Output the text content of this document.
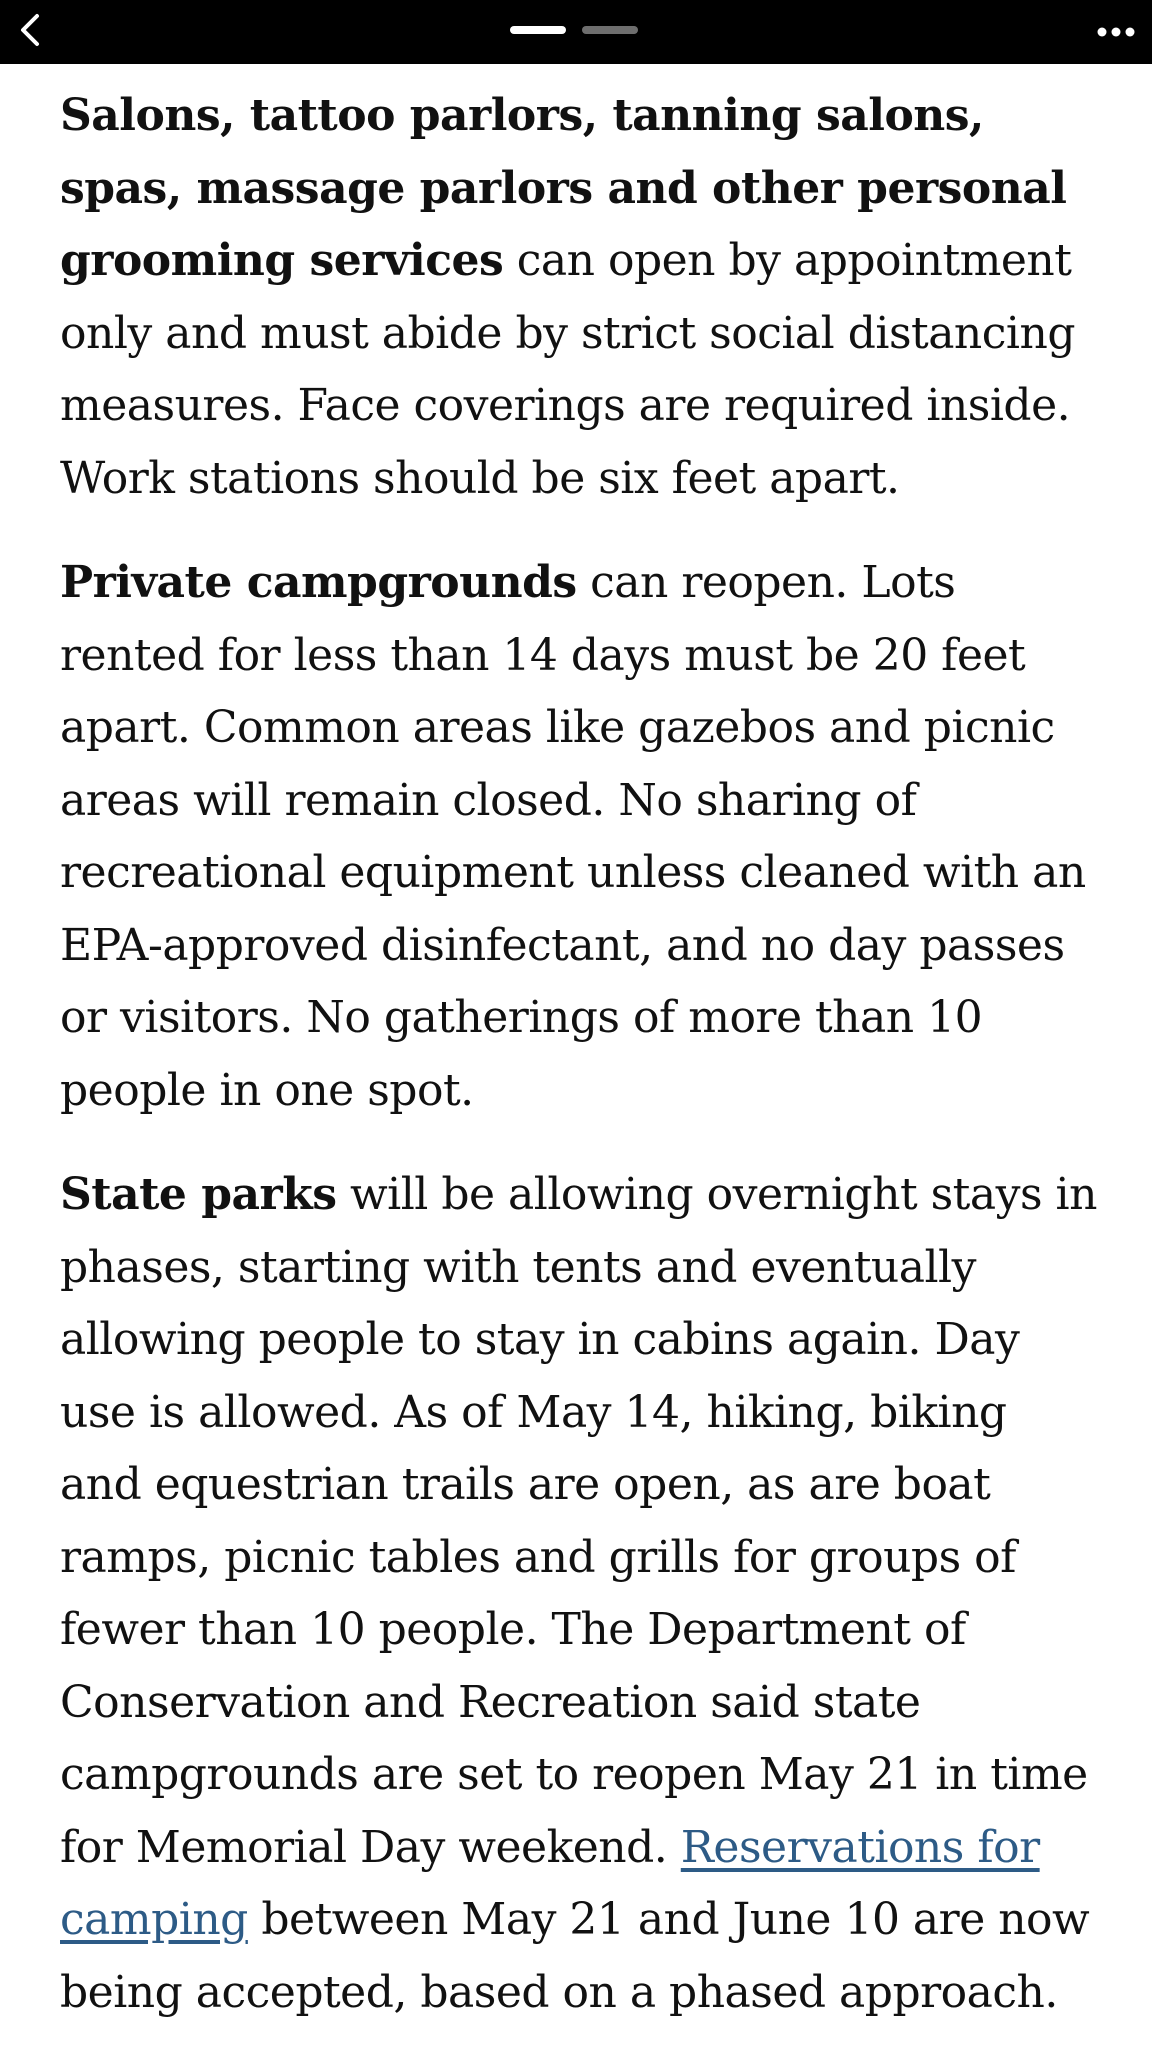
Salons, tattoo parlors, tanning salons, spas, massage parlors and other personal grooming services can open by appointment only and must abide by strict social distancing measures. Face coverings are required inside. Work stations should be six feet apart.

Private campgrounds can reopen. Lots rented for less than 14 days must be 20 feet apart. Common areas like gazebos and picnic areas will remain closed. No sharing of recreational equipment unless cleaned with an EPA-approved disinfectant, and no day passes or visitors. No gatherings of more than 10 people in one spot.

State parks will be allowing overnight stays in phases, starting with tents and eventually allowing people to stay in cabins again. Day use is allowed. As of May 14, hiking, biking and equestrian trails are open, as are boat ramps, picnic tables and grills for groups of fewer than 10 people. The Department of Conservation and Recreation said state campgrounds are set to reopen May 21 in time for Memorial Day weekend. Reservations for camping between May 21 and June 10 are now being accepted, based on a phased approach.
